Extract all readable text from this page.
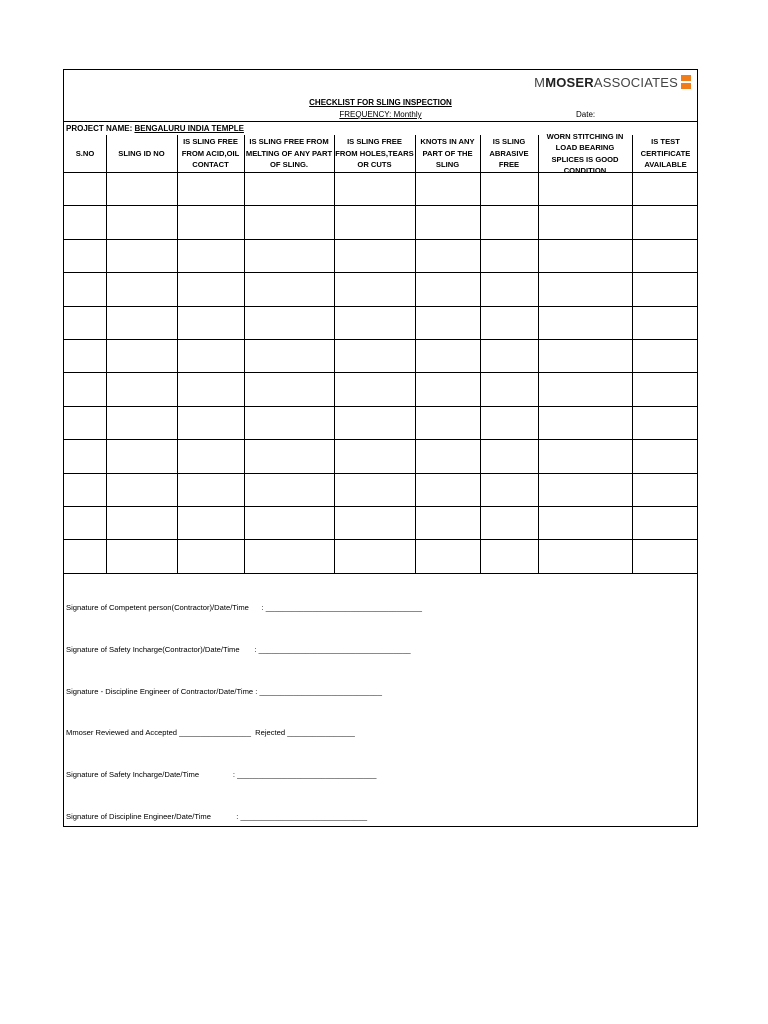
M MOSER ASSOCIATES
CHECKLIST FOR SLING INSPECTION
FREQUENCY: Monthly	Date:
PROJECT NAME: BENGALURU INDIA TEMPLE
S.NO	SLING ID NO
IS SLING FREE FROM ACID,OIL CONTACT
IS SLING FREE FROM MELTING OF ANY PART OF SLING.
IS SLING FREE FROM HOLES,TEARS OR CUTS
KNOTS IN ANY PART OF THE SLING
IS SLING ABRASIVE FREE
WORN STITCHING IN LOAD BEARING SPLICES IS GOOD CONDITION
IS TEST CERTIFICATE AVAILABLE
Signature of Competent person(Contractor)/Date/Time      : _____________________________________
Signature of Safety Incharge(Contractor)/Date/Time       : ____________________________________
Signature - Discipline Engineer of Contractor/Date/Time : _____________________________
Mmoser Reviewed and Accepted _________________  Rejected ________________
Signature of Safety Incharge/Date/Time                : _________________________________
Signature of Discipline Engineer/Date/Time            : ______________________________
